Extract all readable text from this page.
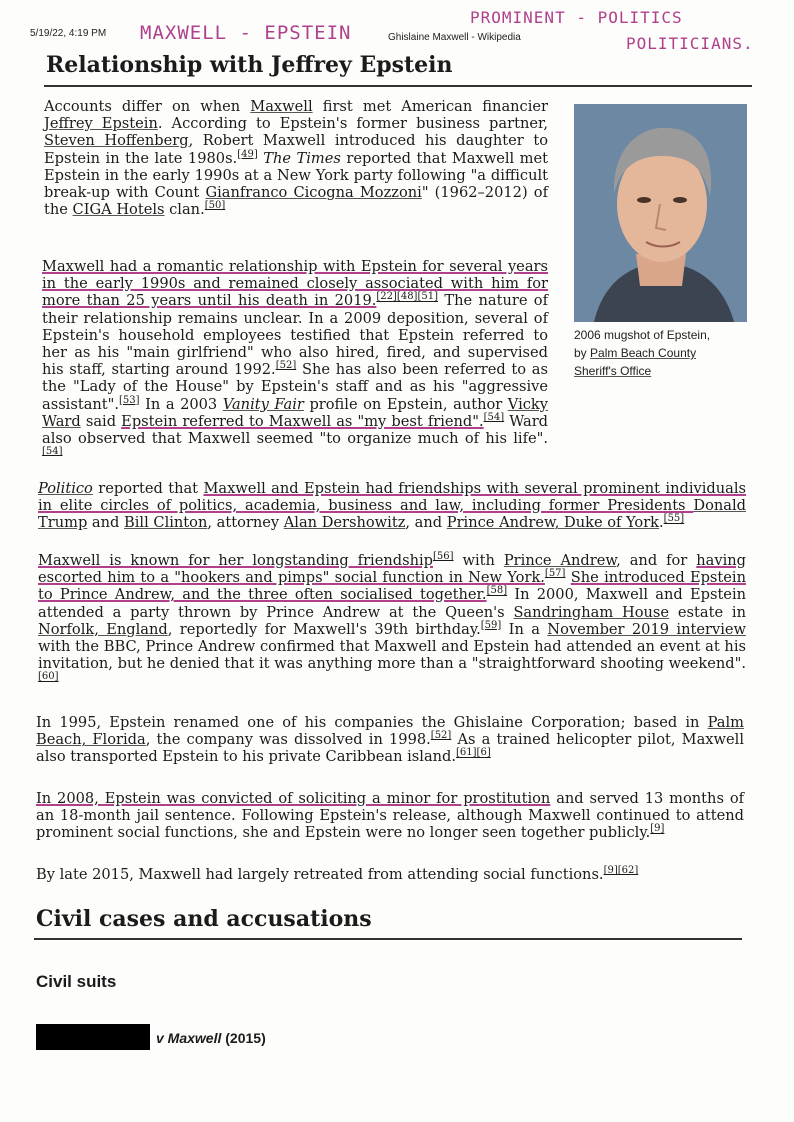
5/19/22, 4:19 PM	Ghislaine Maxwell - Wikipedia
MAXWELL - EPSTEIN
PROMINENT - POLITICS
POLITICIANS.
Relationship with Jeffrey Epstein
2006 mugshot of Epstein,
by Palm Beach County
Sheriff's Office

Accounts differ on when Maxwell first met American financier Jeffrey Epstein. According to Epstein's former business partner, Steven Hoffenberg, Robert Maxwell introduced his daughter to Epstein in the late 1980s.[49] The Times reported that Maxwell met Epstein in the early 1990s at a New York party following "a difficult break-up with Count Gianfranco Cicogna Mozzoni" (1962–2012) of the CIGA Hotels clan.[50]

Maxwell had a romantic relationship with Epstein for several years in the early 1990s and remained closely associated with him for more than 25 years until his death in 2019.[22][48][51] The nature of their relationship remains unclear. In a 2009 deposition, several of Epstein's household employees testified that Epstein referred to her as his "main girlfriend" who also hired, fired, and supervised his staff, starting around 1992.[52] She has also been referred to as the "Lady of the House" by Epstein's staff and as his "aggressive assistant".[53] In a 2003 Vanity Fair profile on Epstein, author Vicky Ward said Epstein referred to Maxwell as "my best friend".[54] Ward also observed that Maxwell seemed "to organize much of his life".[54]

Politico reported that Maxwell and Epstein had friendships with several prominent individuals in elite circles of politics, academia, business and law, including former Presidents Donald Trump and Bill Clinton, attorney Alan Dershowitz, and Prince Andrew, Duke of York.[55]

Maxwell is known for her longstanding friendship[56] with Prince Andrew, and for having escorted him to a "hookers and pimps" social function in New York.[57] She introduced Epstein to Prince Andrew, and the three often socialised together.[58] In 2000, Maxwell and Epstein attended a party thrown by Prince Andrew at the Queen's Sandringham House estate in Norfolk, England, reportedly for Maxwell's 39th birthday.[59] In a November 2019 interview with the BBC, Prince Andrew confirmed that Maxwell and Epstein had attended an event at his invitation, but he denied that it was anything more than a "straightforward shooting weekend".[60]

In 1995, Epstein renamed one of his companies the Ghislaine Corporation; based in Palm Beach, Florida, the company was dissolved in 1998.[52] As a trained helicopter pilot, Maxwell also transported Epstein to his private Caribbean island.[61][6]

In 2008, Epstein was convicted of soliciting a minor for prostitution and served 13 months of an 18-month jail sentence. Following Epstein's release, although Maxwell continued to attend prominent social functions, she and Epstein were no longer seen together publicly.[9]

By late 2015, Maxwell had largely retreated from attending social functions.[9][62]

Civil cases and accusations
Civil suits
v Maxwell (2015)
